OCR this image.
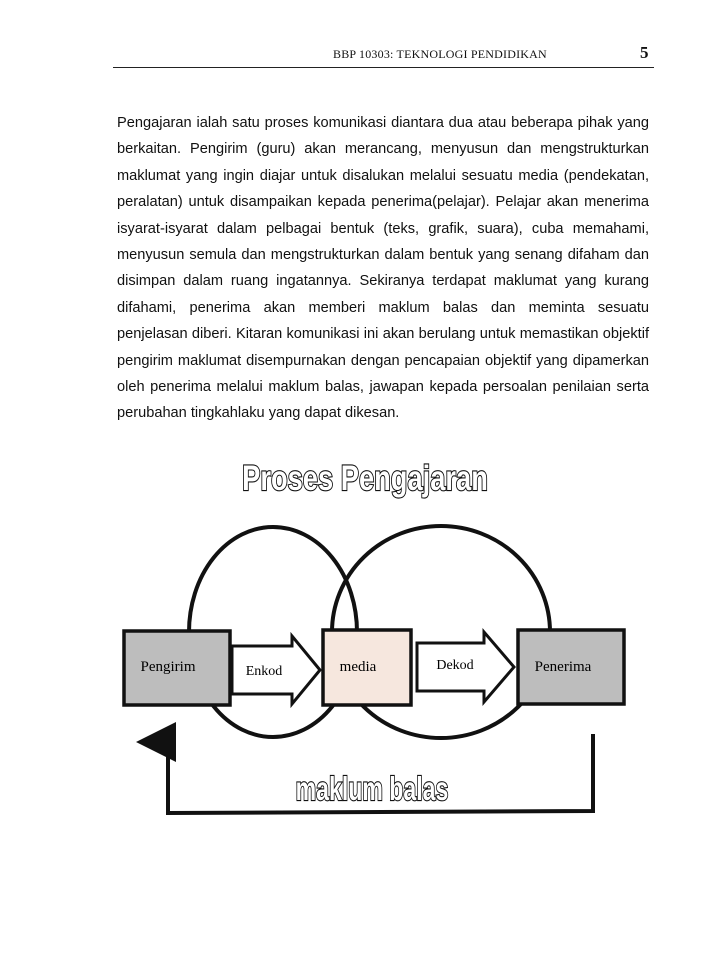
BBP 10303: TEKNOLOGI PENDIDIKAN	5

Pengajaran ialah satu proses komunikasi diantara dua atau beberapa pihak yang berkaitan. Pengirim (guru) akan merancang, menyusun dan mengstrukturkan maklumat yang ingin diajar untuk disalukan melalui sesuatu media (pendekatan, peralatan) untuk disampaikan kepada penerima(pelajar). Pelajar akan menerima isyarat-isyarat dalam pelbagai bentuk (teks, grafik, suara), cuba memahami, menyusun semula dan mengstrukturkan dalam bentuk yang senang difaham dan disimpan dalam ruang ingatannya. Sekiranya terdapat maklumat yang kurang difahami, penerima akan memberi maklum balas dan meminta sesuatu penjelasan diberi. Kitaran komunikasi ini akan berulang untuk memastikan objektif pengirim maklumat disempurnakan dengan pencapaian objektif yang dipamerkan oleh penerima melalui maklum balas, jawapan kepada persoalan penilaian serta perubahan tingkahlaku yang dapat dikesan.

Proses Pengajaran
Pengirim	Enkod	media	Dekod	Penerima
maklum balas
